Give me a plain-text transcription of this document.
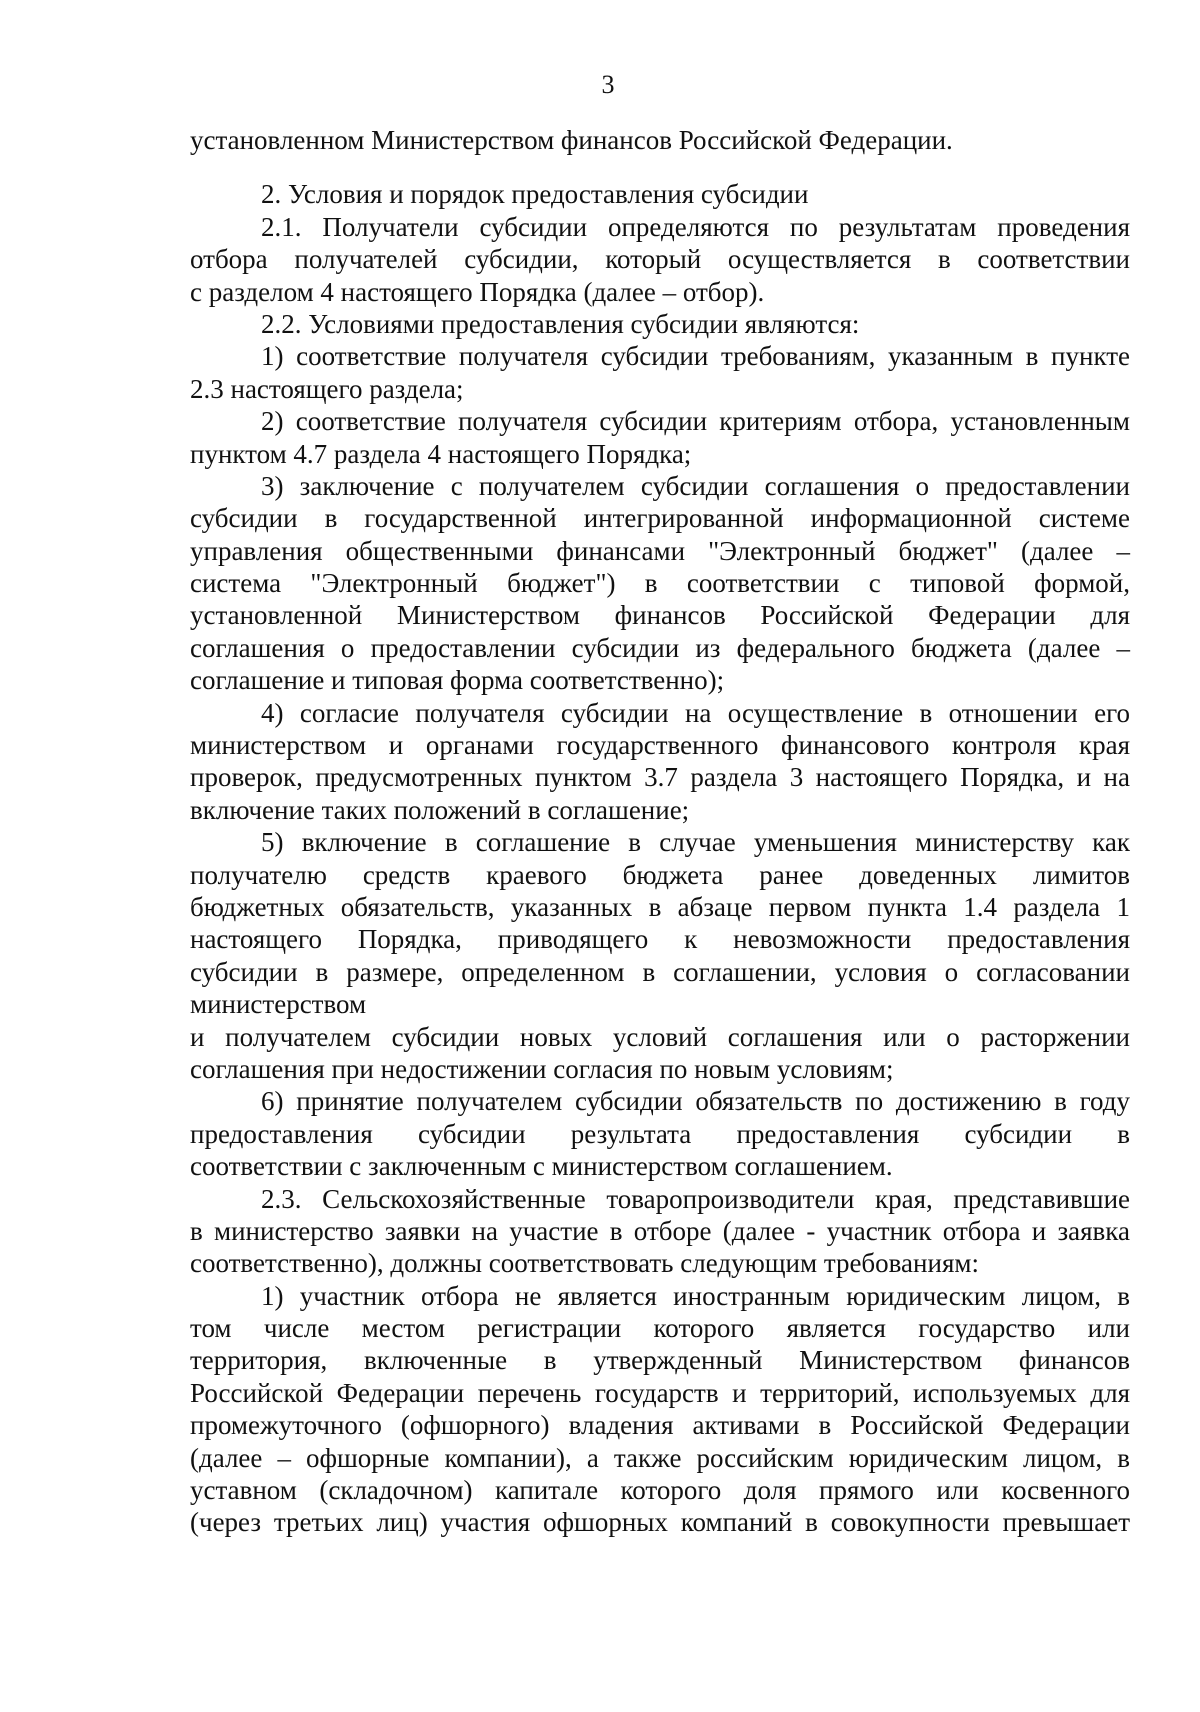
3
установленном Министерством финансов Российской Федерации.
2. Условия и порядок предоставления субсидии
2.1. Получатели субсидии определяются по результатам проведения
отбора получателей субсидии, который осуществляется в соответствии
с разделом 4 настоящего Порядка (далее – отбор).
2.2. Условиями предоставления субсидии являются:
1) соответствие получателя субсидии требованиям, указанным в пункте
2.3 настоящего раздела;
2) соответствие получателя субсидии критериям отбора, установленным
пунктом 4.7 раздела 4 настоящего Порядка;
3) заключение с получателем субсидии соглашения о предоставлении
субсидии в государственной интегрированной информационной системе
управления общественными финансами "Электронный бюджет" (далее –
система "Электронный бюджет") в соответствии с типовой формой,
установленной Министерством финансов Российской Федерации для
соглашения о предоставлении субсидии из федерального бюджета (далее –
соглашение и типовая форма соответственно);
4) согласие получателя субсидии на осуществление в отношении его
министерством и органами государственного финансового контроля края
проверок, предусмотренных пунктом 3.7 раздела 3 настоящего Порядка, и на
включение таких положений в соглашение;
5) включение в соглашение в случае уменьшения министерству как
получателю средств краевого бюджета ранее доведенных лимитов
бюджетных обязательств, указанных в абзаце первом пункта 1.4 раздела 1
настоящего Порядка, приводящего к невозможности предоставления
субсидии в размере, определенном в соглашении, условия о согласовании
министерством
и получателем субсидии новых условий соглашения или о расторжении
соглашения при недостижении согласия по новым условиям;
6) принятие получателем субсидии обязательств по достижению в году
предоставления субсидии результата предоставления субсидии в
соответствии с заключенным с министерством соглашением.
2.3. Сельскохозяйственные товаропроизводители края, представившие
в министерство заявки на участие в отборе (далее - участник отбора и заявка
соответственно), должны соответствовать следующим требованиям:
1) участник отбора не является иностранным юридическим лицом, в
том числе местом регистрации которого является государство или
территория, включенные в утвержденный Министерством финансов
Российской Федерации перечень государств и территорий, используемых для
промежуточного (офшорного) владения активами в Российской Федерации
(далее – офшорные компании), а также российским юридическим лицом, в
уставном (складочном) капитале которого доля прямого или косвенного
(через третьих лиц) участия офшорных компаний в совокупности превышает
